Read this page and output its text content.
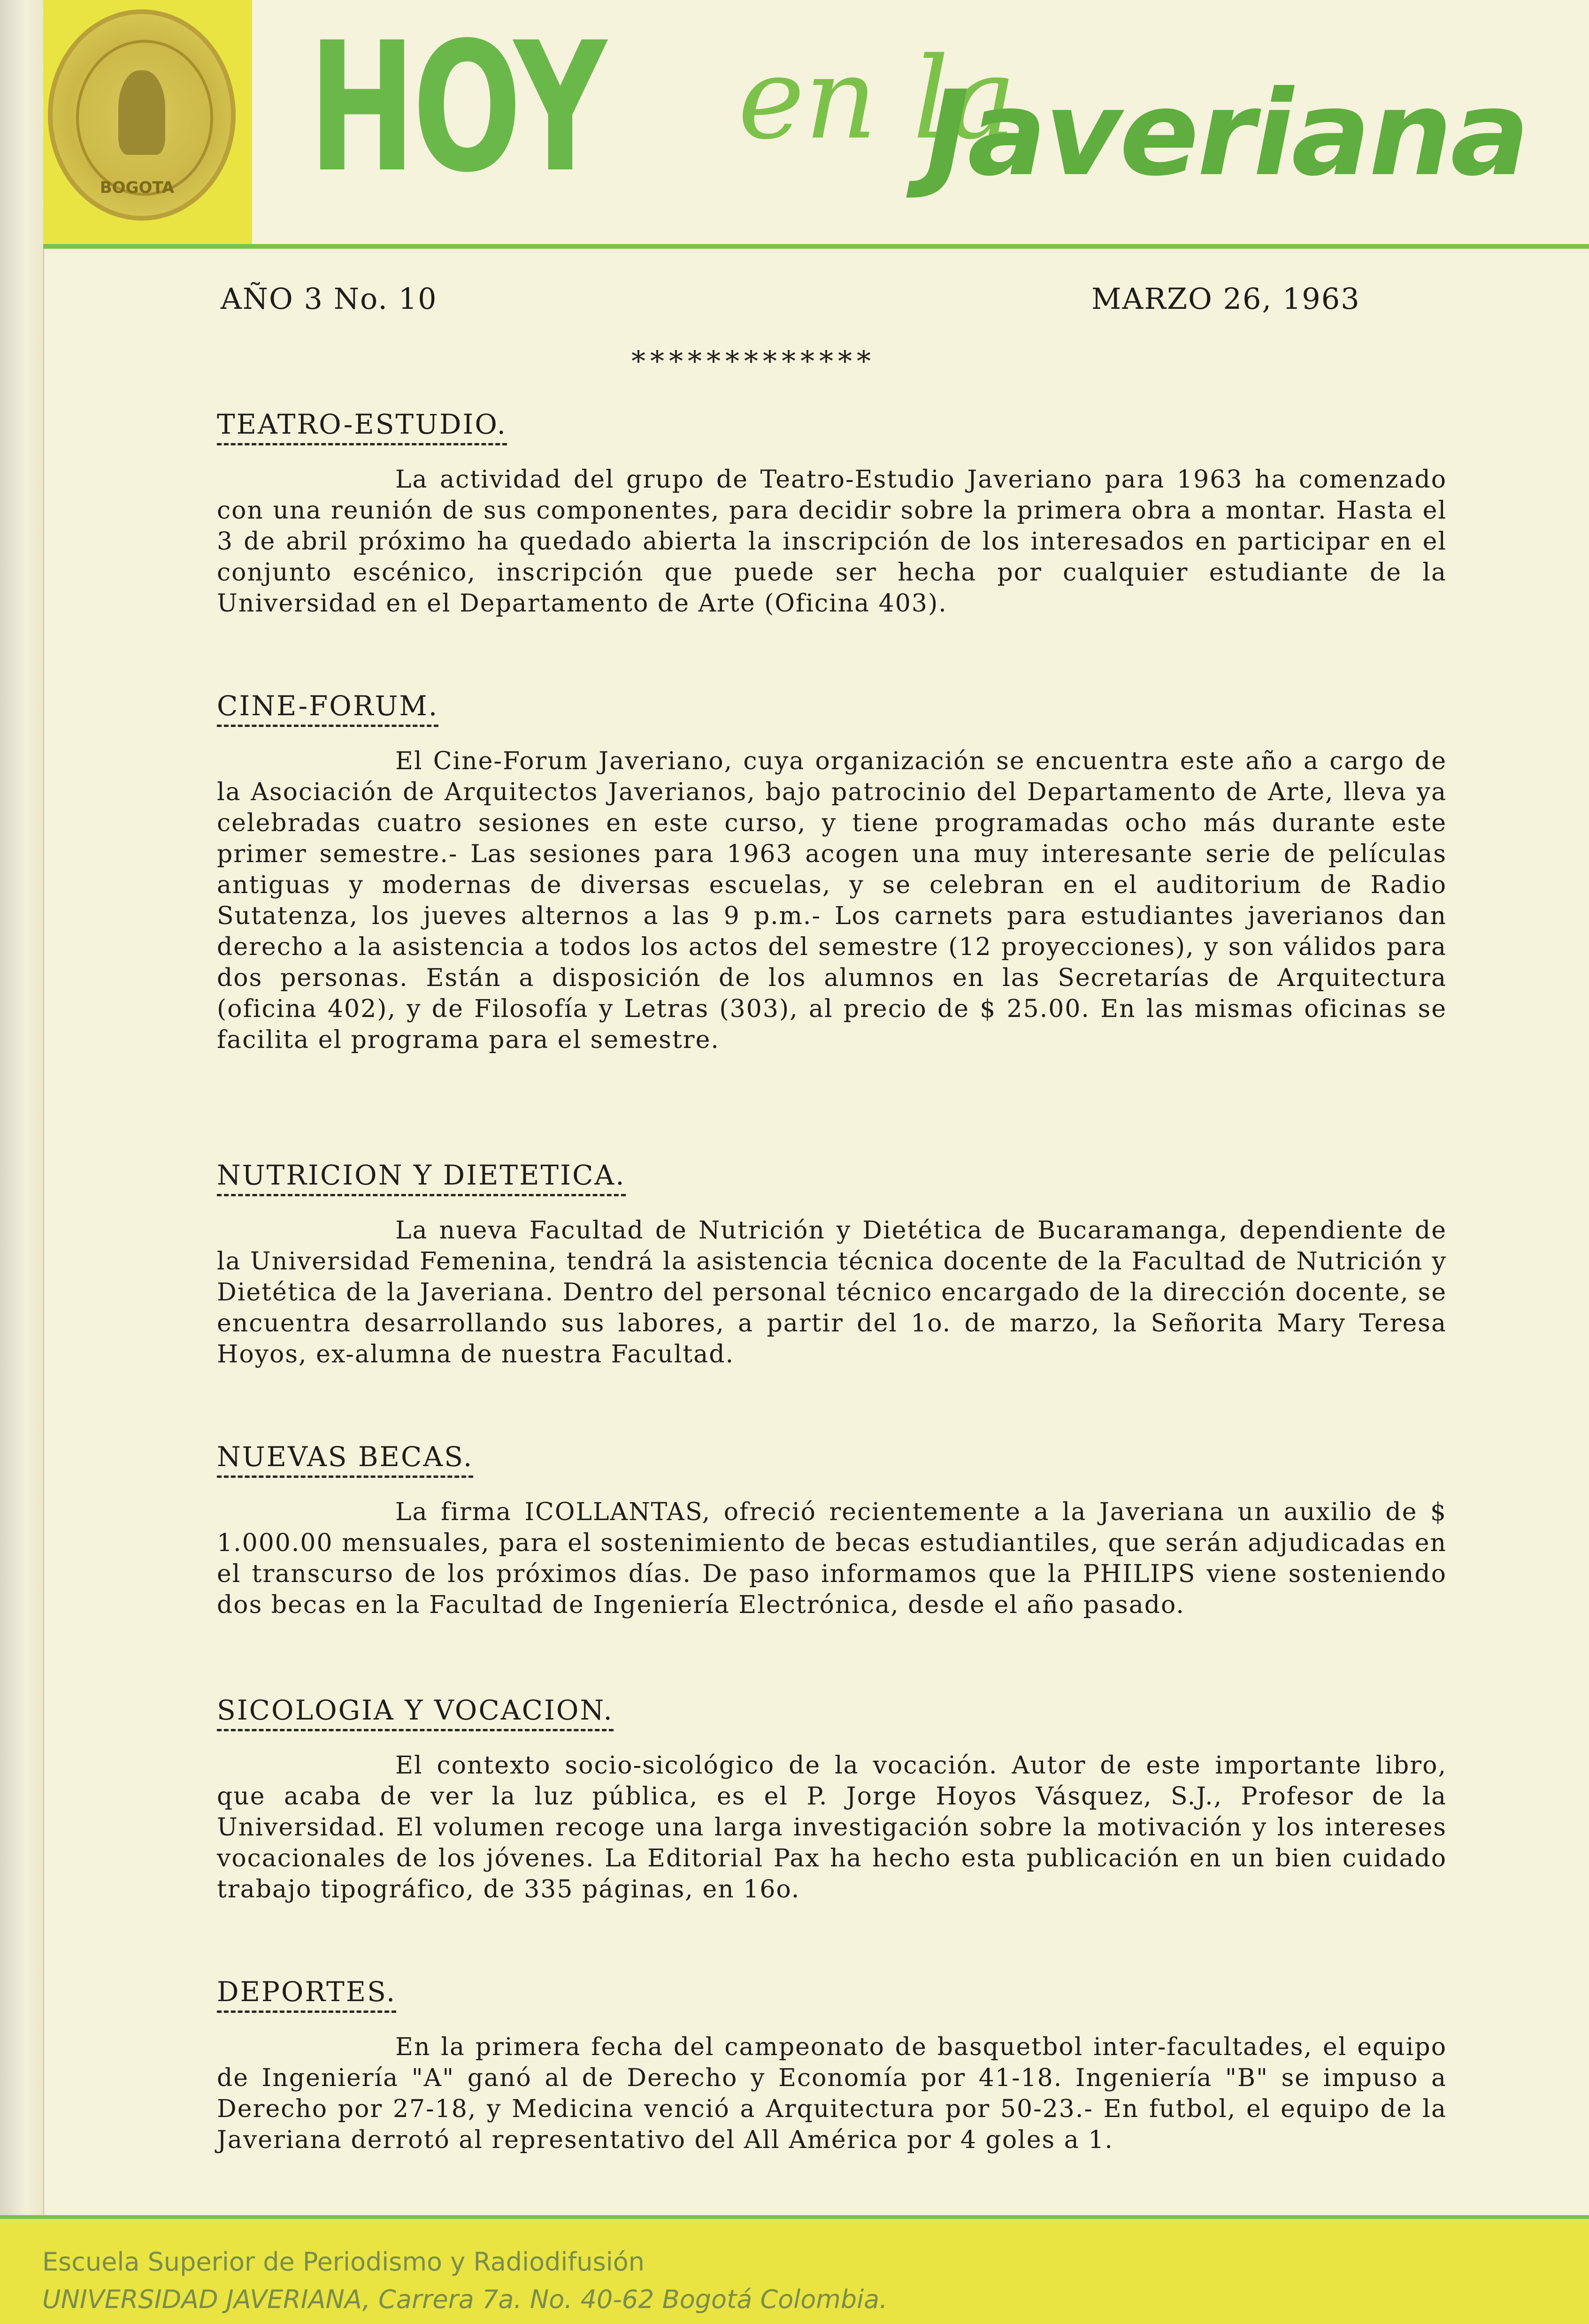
BOGOTA HOY en la
Javeriana
AÑO 3 No. 10	MARZO 26, 1963
*************
TEATRO-ESTUDIO.

La actividad del grupo de Teatro-Estudio Javeriano para 1963 ha comenzado con una reunión de sus componentes, para decidir sobre la primera obra a montar. Hasta el 3 de abril próximo ha quedado abierta la inscripción de los interesados en participar en el conjunto escénico, inscripción que puede ser hecha por cualquier estudiante de la Universidad en el Departamento de Arte (Oficina 403).

CINE-FORUM.

El Cine-Forum Javeriano, cuya organización se encuentra este año a cargo de la Asociación de Arquitectos Javerianos, bajo patrocinio del Departamento de Arte, lleva ya celebradas cuatro sesiones en este curso, y tiene programadas ocho más durante este primer semestre.- Las sesiones para 1963 acogen una muy interesante serie de películas antiguas y modernas de diversas escuelas, y se celebran en el auditorium de Radio Sutatenza, los jueves alternos a las 9 p.m.- Los carnets para estudiantes javerianos dan derecho a la asistencia a todos los actos del semestre (12 proyecciones), y son válidos para dos personas. Están a disposición de los alumnos en las Secretarías de Arquitectura (oficina 402), y de Filosofía y Letras (303), al precio de $ 25.00. En las mismas oficinas se facilita el programa para el semestre.

NUTRICION Y DIETETICA.

La nueva Facultad de Nutrición y Dietética de Bucaramanga, dependiente de la Universidad Femenina, tendrá la asistencia técnica docente de la Facultad de Nutrición y Dietética de la Javeriana. Dentro del personal técnico encargado de la dirección docente, se encuentra desarrollando sus labores, a partir del 1o. de marzo, la Señorita Mary Teresa Hoyos, ex-alumna de nuestra Facultad.

NUEVAS BECAS.

La firma ICOLLANTAS, ofreció recientemente a la Javeriana un auxilio de $ 1.000.00 mensuales, para el sostenimiento de becas estudiantiles, que serán adjudicadas en el transcurso de los próximos días. De paso informamos que la PHILIPS viene sosteniendo dos becas en la Facultad de Ingeniería Electrónica, desde el año pasado.

SICOLOGIA Y VOCACION.

El contexto socio-sicológico de la vocación. Autor de este importante libro, que acaba de ver la luz pública, es el P. Jorge Hoyos Vásquez, S.J., Profesor de la Universidad. El volumen recoge una larga investigación sobre la motivación y los intereses vocacionales de los jóvenes. La Editorial Pax ha hecho esta publicación en un bien cuidado trabajo tipográfico, de 335 páginas, en 16o.

DEPORTES.

En la primera fecha del campeonato de basquetbol inter-facultades, el equipo de Ingeniería "A" ganó al de Derecho y Economía por 41-18. Ingeniería "B" se impuso a Derecho por 27-18, y Medicina venció a Arquitectura por 50-23.- En futbol, el equipo de la Javeriana derrotó al representativo del All América por 4 goles a 1.

Escuela Superior de Periodismo y Radiodifusión
UNIVERSIDAD JAVERIANA, Carrera 7a. No. 40-62 Bogotá Colombia.
